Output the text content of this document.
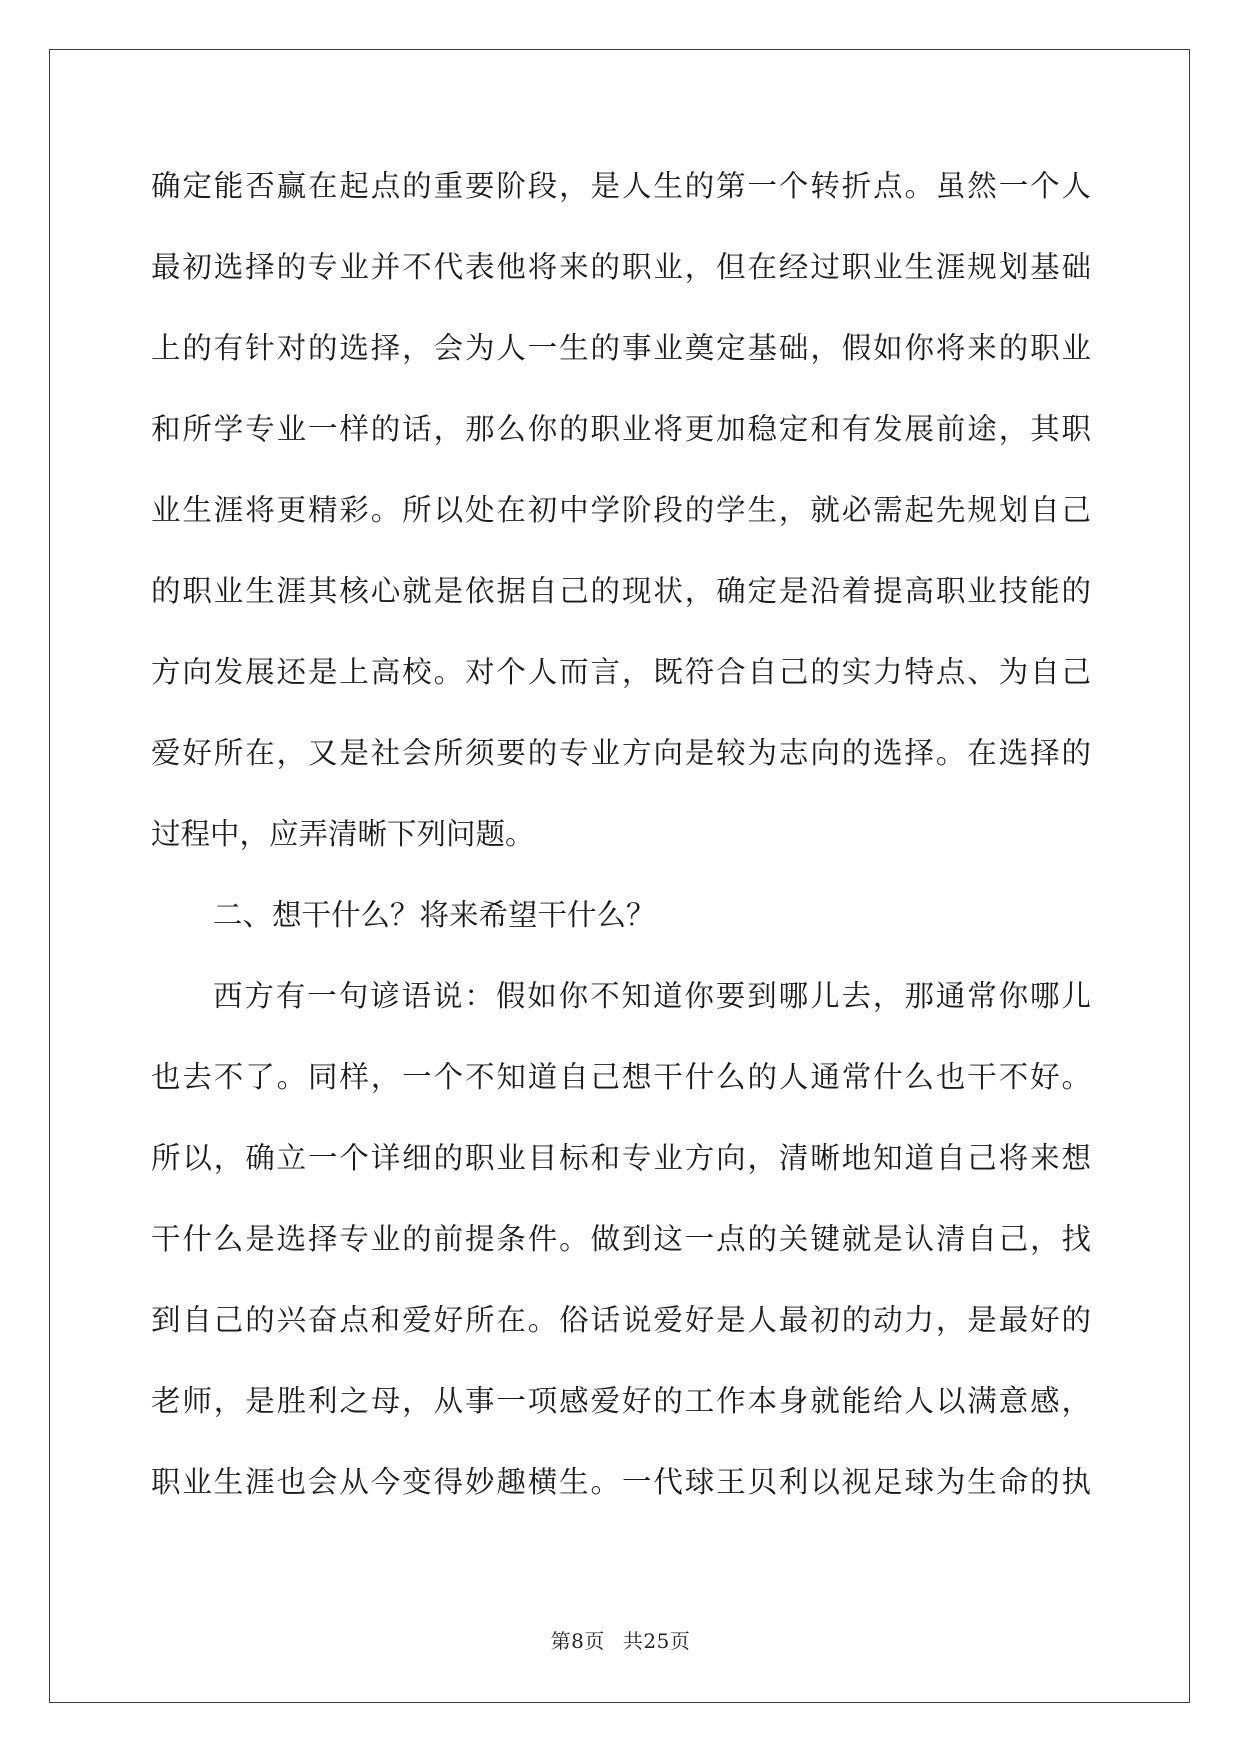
确定能否赢在起点的重要阶段，是人生的第一个转折点。虽然一个人
最初选择的专业并不代表他将来的职业，但在经过职业生涯规划基础
上的有针对的选择，会为人一生的事业奠定基础，假如你将来的职业
和所学专业一样的话，那么你的职业将更加稳定和有发展前途，其职
业生涯将更精彩。所以处在初中学阶段的学生，就必需起先规划自己
的职业生涯其核心就是依据自己的现状，确定是沿着提高职业技能的
方向发展还是上高校。对个人而言，既符合自己的实力特点、为自己
爱好所在，又是社会所须要的专业方向是较为志向的选择。在选择的
过程中，应弄清晰下列问题。
二、想干什么？将来希望干什么？
西方有一句谚语说：假如你不知道你要到哪儿去，那通常你哪儿
也去不了。同样，一个不知道自己想干什么的人通常什么也干不好。
所以，确立一个详细的职业目标和专业方向，清晰地知道自己将来想
干什么是选择专业的前提条件。做到这一点的关键就是认清自己，找
到自己的兴奋点和爱好所在。俗话说爱好是人最初的动力，是最好的
老师，是胜利之母，从事一项感爱好的工作本身就能给人以满意感，
职业生涯也会从今变得妙趣横生。一代球王贝利以视足球为生命的执
第8页 共25页
